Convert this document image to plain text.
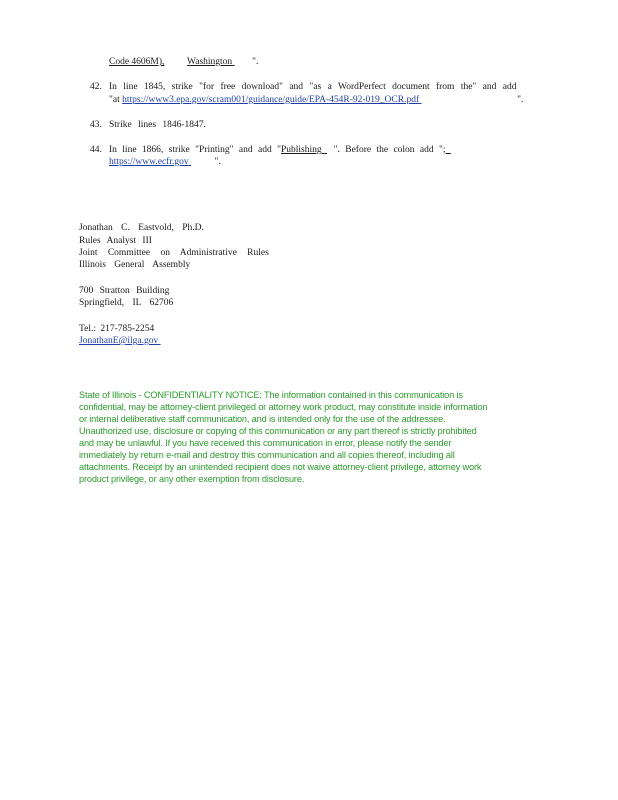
Code 4606M), Washington ".
42. In line 1845, strike "for free download" and "as a WordPerfect document from the" and add
"at https://www3.epa.gov/scram001/guidance/guide/EPA-454R-92-019_OCR.pdf	".
43. Strike lines 1846-1847.
44. In line 1866, strike "Printing" and add "Publishing ". Before the colon add ";
https://www.ecfr.gov	".
Jonathan C. Eastvold, Ph.D.
Rules Analyst III
Joint Committee on Administrative Rules
Illinois General Assembly
700 Stratton Building
Springfield, IL 62706
Tel.: 217-785-2254
JonathanE@ilga.gov
State of Illinois - CONFIDENTIALITY NOTICE: The information contained in this communication is
confidential, may be attorney-client privileged or attorney work product, may constitute inside information
or internal deliberative staff communication, and is intended only for the use of the addressee.
Unauthorized use, disclosure or copying of this communication or any part thereof is strictly prohibited
and may be unlawful. If you have received this communication in error, please notify the sender
immediately by return e-mail and destroy this communication and all copies thereof, including all
attachments. Receipt by an unintended recipient does not waive attorney-client privilege, attorney work
product privilege, or any other exemption from disclosure.
